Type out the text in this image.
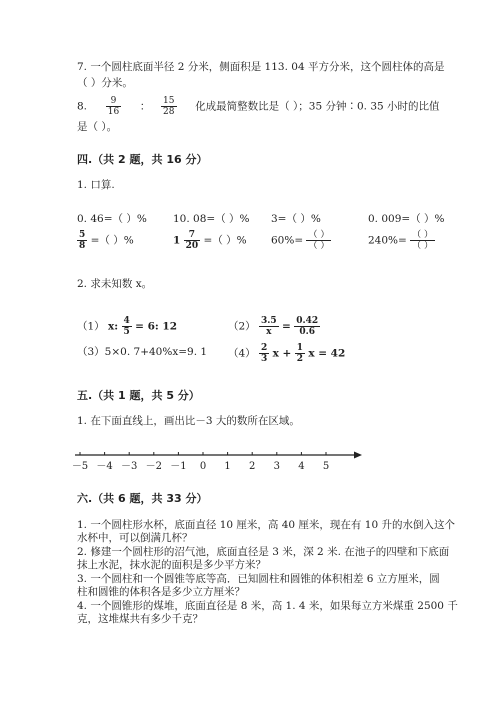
7. 一个圆柱底面半径 2 分米，侧面积是 113. 04 平方分米，这个圆柱体的高是
（ ）分米。
8. $\frac{9}{16}$ ： $\frac{15}{28}$ 化成最简整数比是（ ）；35 分钟∶0. 35 小时的比值
是（ ）。
四.（共 2 题，共 16 分）
1. 口算.
0. 46=（ ）% 10. 08=（ ）% 3=（ ）%	0. 009=（ ）%
$\frac{5}{8}$ =（ ）%	$1 \frac{7}{20}$ =（ ）% $60\%= \frac{( )}{( )}$	$240\%= \frac{( )}{( )}$
2. 求未知数 x。
（1） x: $\frac{4}{5} = 6$: 12	$(2) \frac{3.5}{x} = \frac{0.42}{0.6}$
（3）5×0. 7+40%x=9. 1 $(4) \frac{2}{3}$ $x + \frac{1}{2}$ x = 42
五.（共 1 题，共 5 分）
1. 在下面直线上，画出比－3 大的数所在区域。
－5 －4 －3 －2 －1 0 1 2 3 4 5
六.（共 6 题，共 33 分）
1. 一个圆柱形水杯，底面直径 10 厘米，高 40 厘米，现在有 10 升的水倒入这个
水杯中，可以倒满几杯？
2. 修建一个圆柱形的沼气池，底面直径是 3 米，深 2 米. 在池子的四壁和下底面
抹上水泥，抹水泥的面积是多少平方米？
3. 一个圆柱和一个圆锥等底等高．已知圆柱和圆锥的体积相差 6 立方厘米，圆
柱和圆锥的体积各是多少立方厘米？
4. 一个圆锥形的煤堆，底面直径是 8 米，高 1. 4 米，如果每立方米煤重 2500 千
克，这堆煤共有多少千克？
